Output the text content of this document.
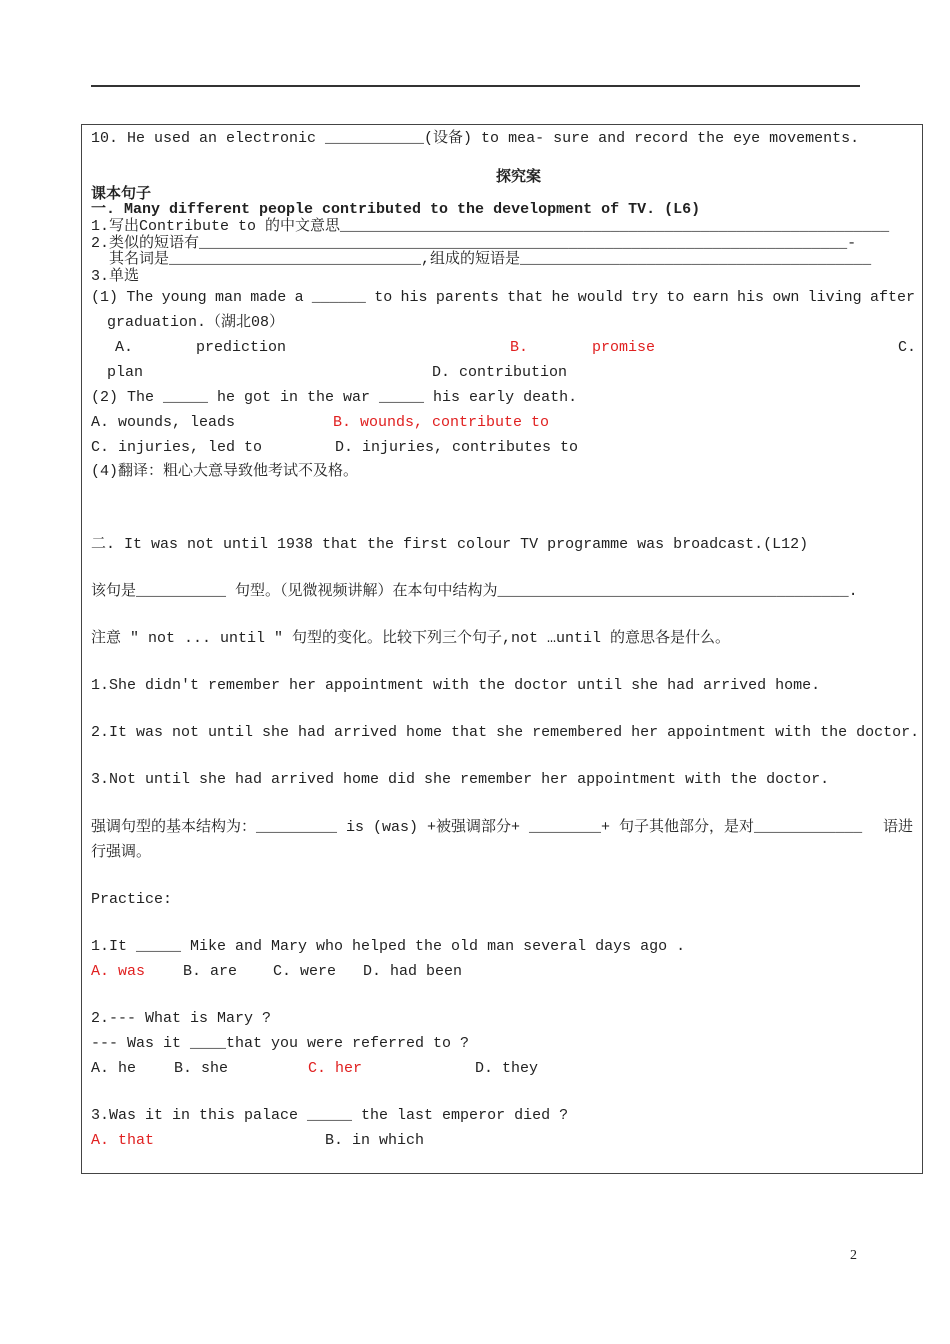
10. He used an electronic ___________(设备) to mea- sure and record the eye movements.
探究案
课本句子
一. Many different people contributed to the development of TV. (L6)
1.写出Contribute to 的中文意思_____________________________________________________________
2.类似的短语有________________________________________________________________________-
其名词是____________________________,组成的短语是_______________________________________
3.单选
(1) The young man made a ______ to his parents that he would try to earn his own living after
graduation.（湖北08）
A.	prediction	B.	promise	C.
plan	D. contribution
(2) The _____ he got in the war _____ his early death.
A. wounds, leads	B. wounds, contribute to
C. injuries, led to	D. injuries, contributes to
(4)翻译：粗心大意导致他考试不及格。
二. It was not until 1938 that the first colour TV programme was broadcast.(L12)
该句是__________ 句型。（见微视频讲解）在本句中结构为_______________________________________.
注意 " not ... until " 句型的变化。比较下列三个句子,not …until 的意思各是什么。
1.She didn't remember her appointment with the doctor until she had arrived home.
2.It was not until she had arrived home that she remembered her appointment with the doctor.
3.Not until she had arrived home did she remember her appointment with the doctor.
强调句型的基本结构为：_________ is (was) +被强调部分+ ________+ 句子其他部分，是对____________ 语进
行强调。
Practice:
1.It _____ Mike and Mary who helped the old man several days ago .
A. was	B. are    C. were   D. had been
2.--- What is Mary ?
--- Was it ____that you were referred to ?
A. he	B. she	C. her	D. they
3.Was it in this palace _____ the last emperor died ?
A. that	B. in which
2
